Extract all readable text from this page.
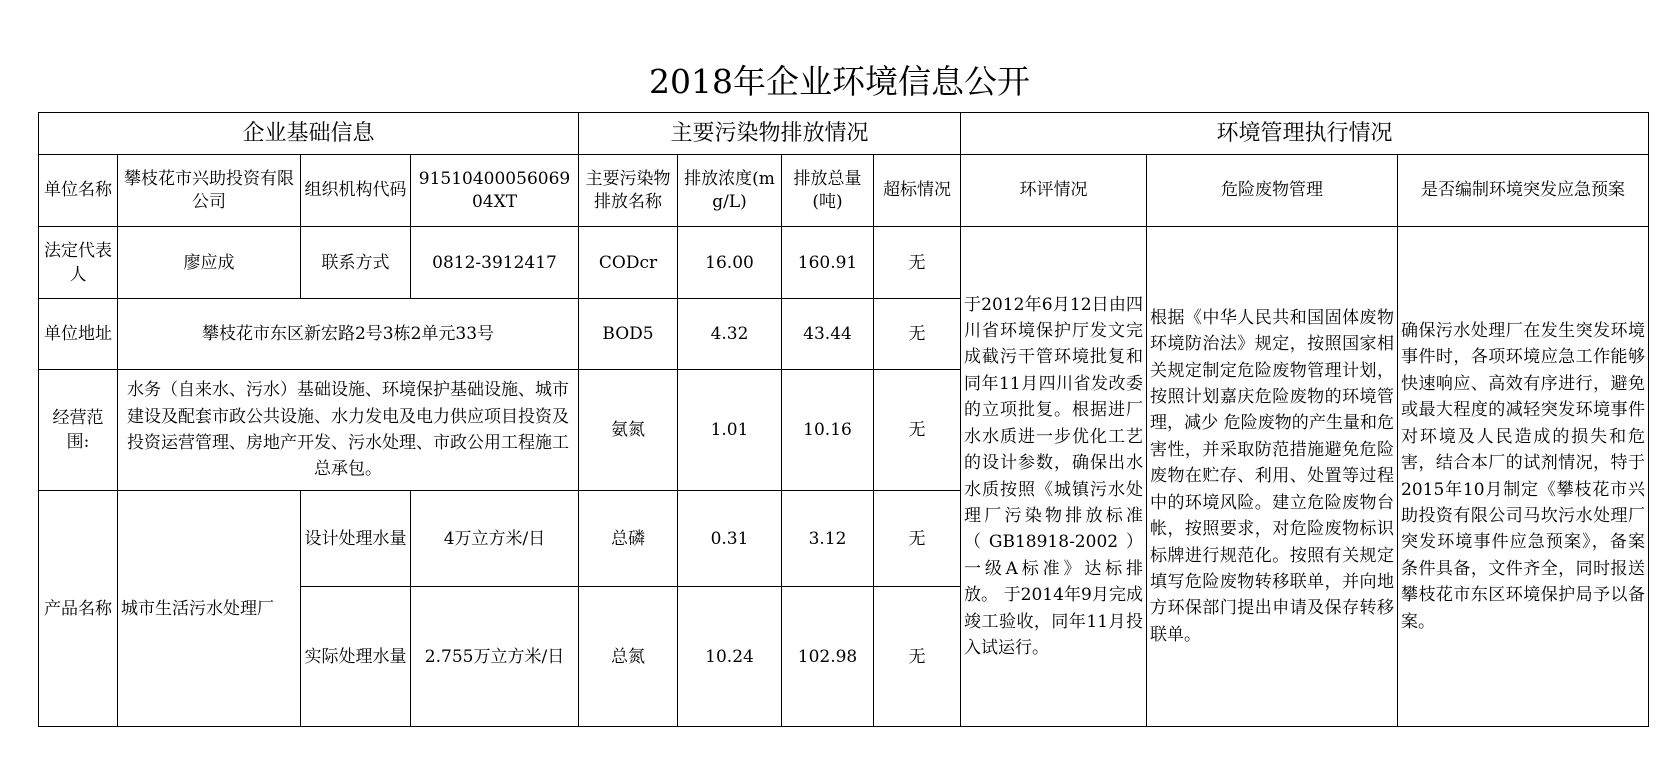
2018年企业环境信息公开
企业基础信息				主要污染物排放情况				环境管理执行情况		
单位名称	攀枝花市兴助投资有限公司	组织机构代码	9151040005606904XT	主要污染物 排放名称	排放浓度(mg/L)	排放总量(吨)	超标情况	环评情况	危险废物管理	是否编制环境突发应急预案
法定代表人	廖应成	联系方式	0812-3912417	CODcr	16.00	160.91	无	于2012年6月12日由四川省环境保护厅发文完成截污干管环境批复和同年11月四川省发改委的立项批复。根据进厂水水质进一步优化工艺的设计参数，确保出水水质按照《城镇污水处理厂污染物排放标准（GB18918-2002）一级A标准》达标排放。 于2014年9月完成竣工验收，同年11月投入试运行。	根据《中华人民共和国固体废物环境防治法》规定，按照国家相关规定制定危险废物管理计划，按照计划嘉庆危险废物的环境管理，减少 危险废物的产生量和危害性，并采取防范措施避免危险废物在贮存、利用、处置等过程中的环境风险。建立危险废物台帐，按照要求，对危险废物标识标牌进行规范化。按照有关规定填写危险废物转移联单，并向地方环保部门提出申请及保存转移联单。	确保污水处理厂在发生突发环境事件时，各项环境应急工作能够快速响应、高效有序进行，避免或最大程度的减轻突发环境事件对环境及人民造成的损失和危害，结合本厂的试剂情况，特于2015年10月制定《攀枝花市兴助投资有限公司马坎污水处理厂突发环境事件应急预案》，备案条件具备，文件齐全，同时报送攀枝花市东区环境保护局予以备案。
单位地址	攀枝花市东区新宏路2号3栋2单元33号			BOD5	4.32	43.44	无			
经营范围:	水务（自来水、污水）基础设施、环境保护基础设施、城市建设及配套市政公共设施、水力发电及电力供应项目投资及投资运营管理、房地产开发、污水处理、市政公用工程施工总承包。			氨氮	1.01	10.16	无			
产品名称	城市生活污水处理厂	设计处理水量	4万立方米/日	总磷	0.31	3.12	无			
		实际处理水量	2.755万立方米/日	总氮	10.24	102.98	无			
